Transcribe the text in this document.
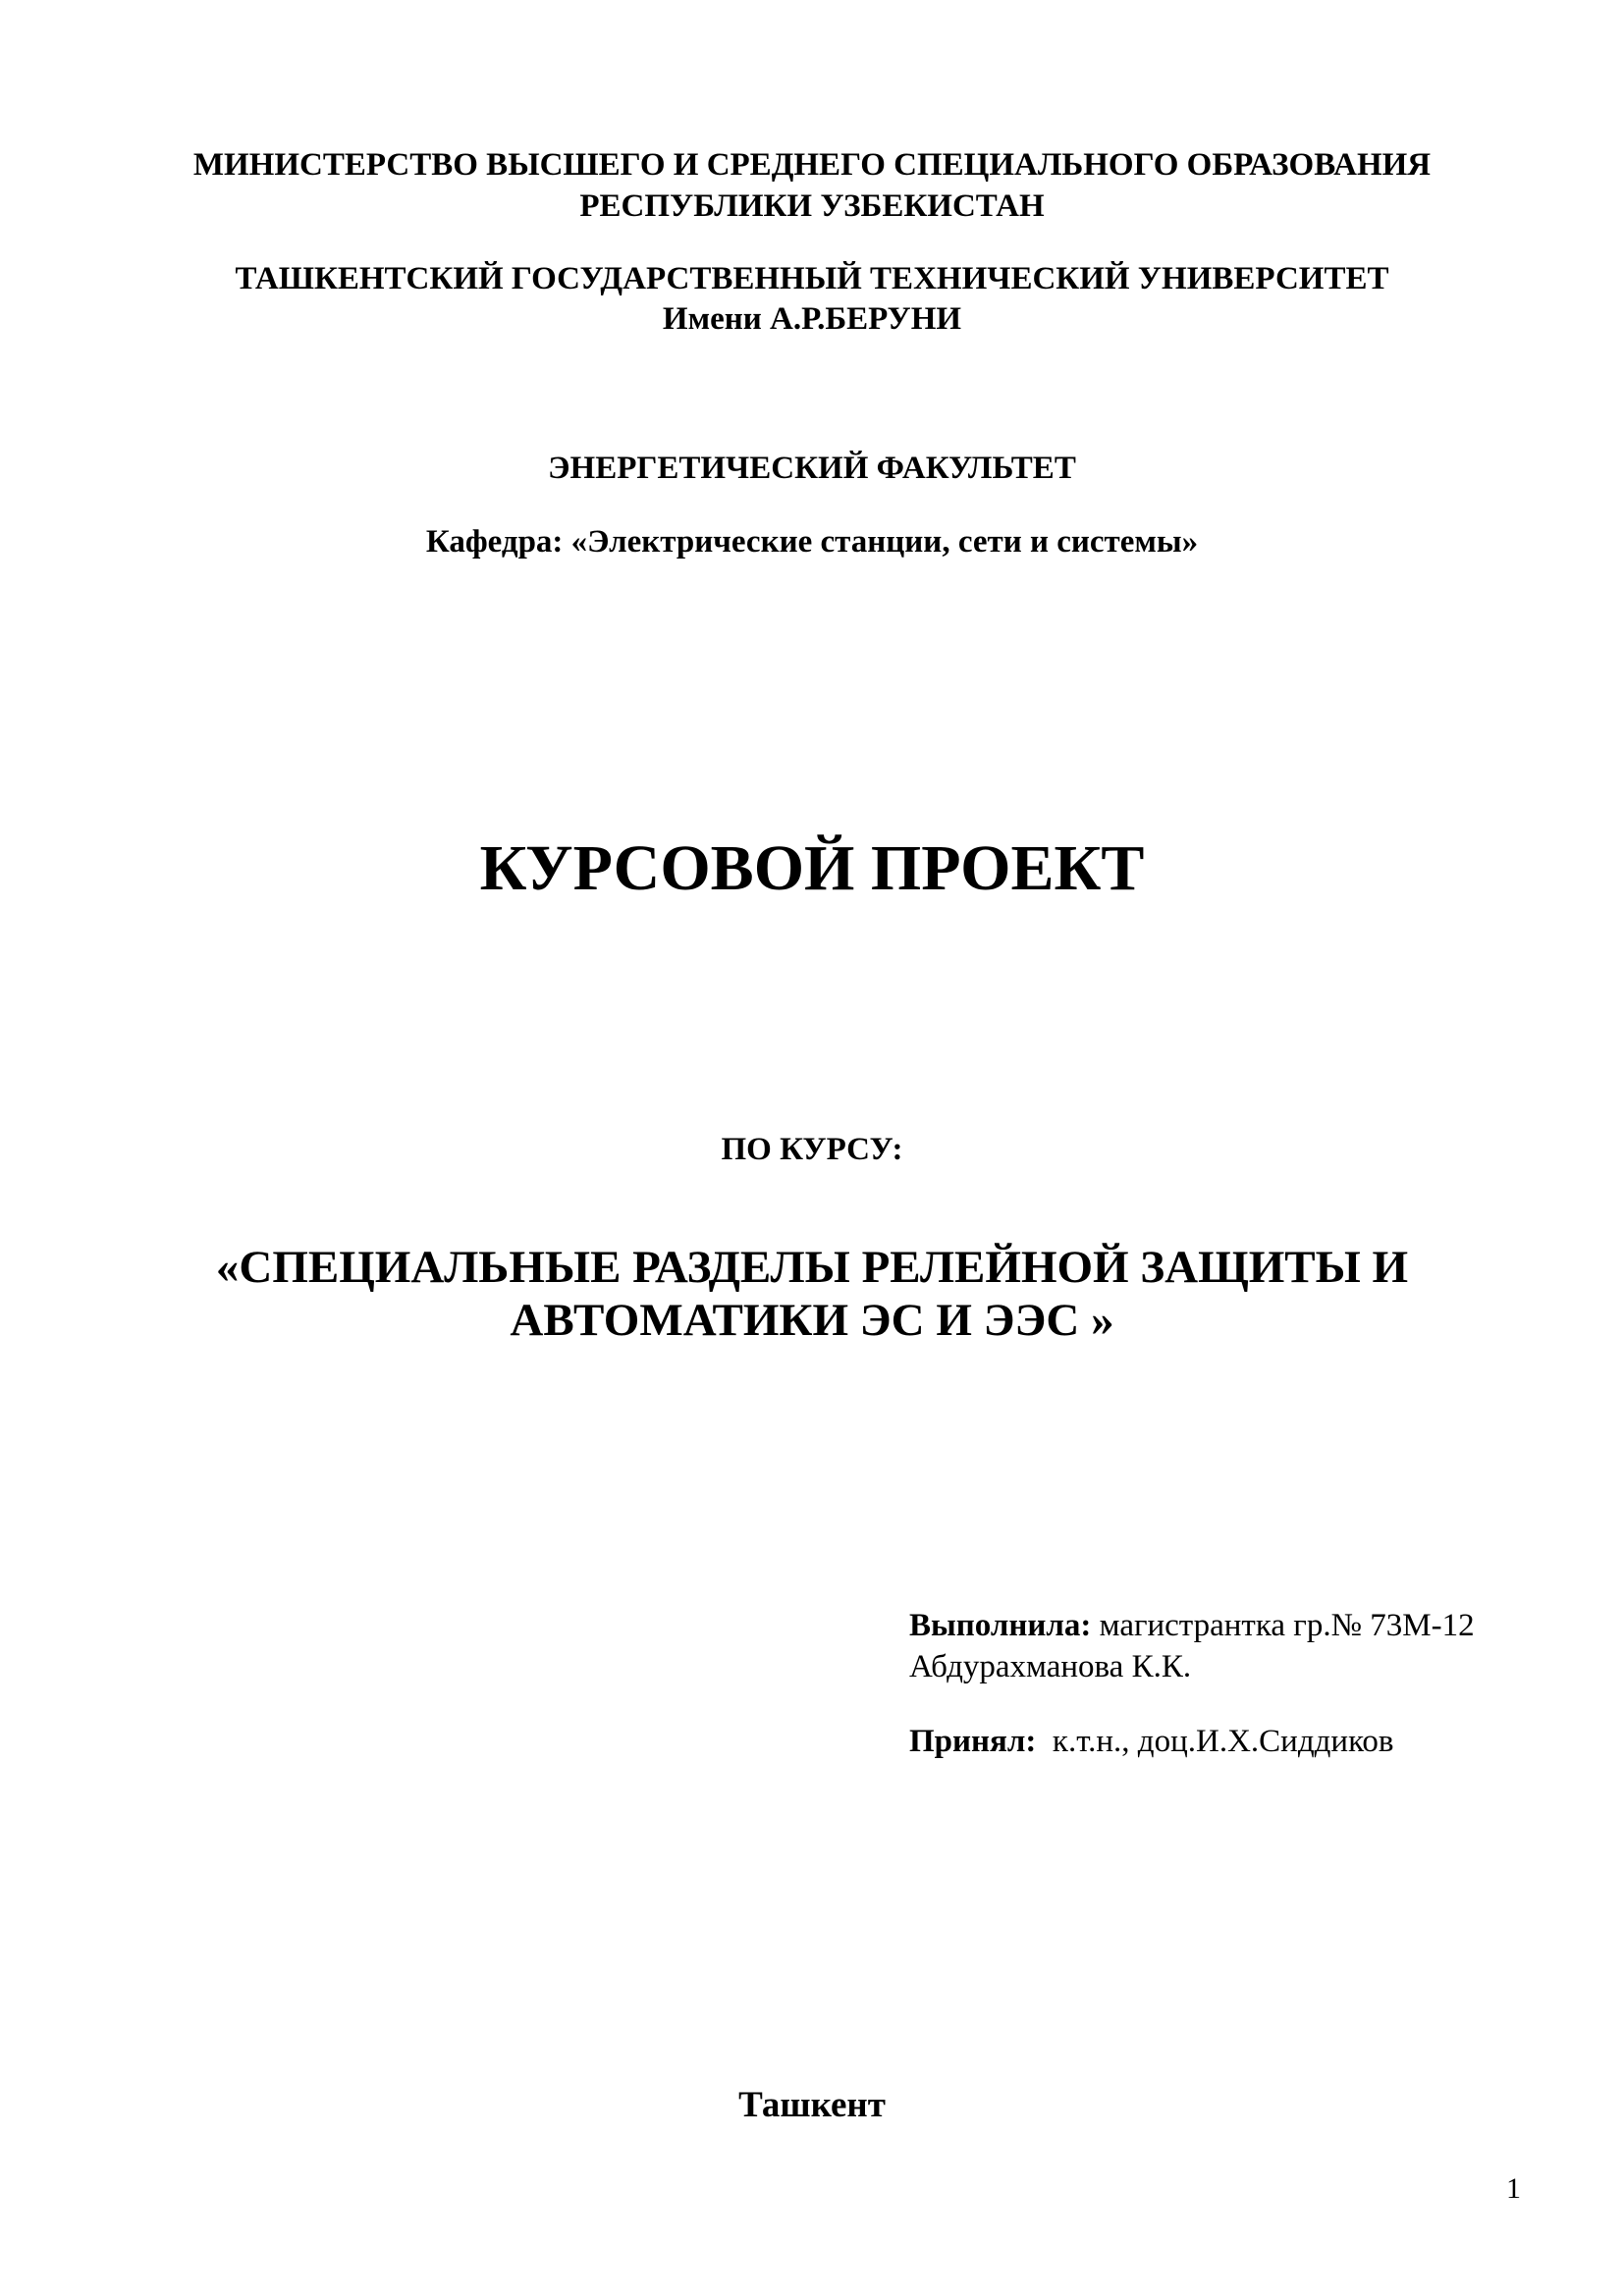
МИНИСТЕРСТВО ВЫСШЕГО И СРЕДНЕГО СПЕЦИАЛЬНОГО ОБРАЗОВАНИЯ
РЕСПУБЛИКИ УЗБЕКИСТАН
ТАШКЕНТСКИЙ ГОСУДАРСТВЕННЫЙ ТЕХНИЧЕСКИЙ УНИВЕРСИТЕТ
Имени А.Р.БЕРУНИ
ЭНЕРГЕТИЧЕСКИЙ ФАКУЛЬТЕТ
Кафедра: «Электрические станции, сети и системы»
КУРСОВОЙ ПРОЕКТ
ПО КУРСУ:
«СПЕЦИАЛЬНЫЕ РАЗДЕЛЫ РЕЛЕЙНОЙ ЗАЩИТЫ И
АВТОМАТИКИ ЭС И ЭЭС »
Выполнила: магистрантка гр.№ 73М-12
Абдурахманова К.К.
Принял:  к.т.н., доц.И.Х.Сиддиков
Ташкент
1
